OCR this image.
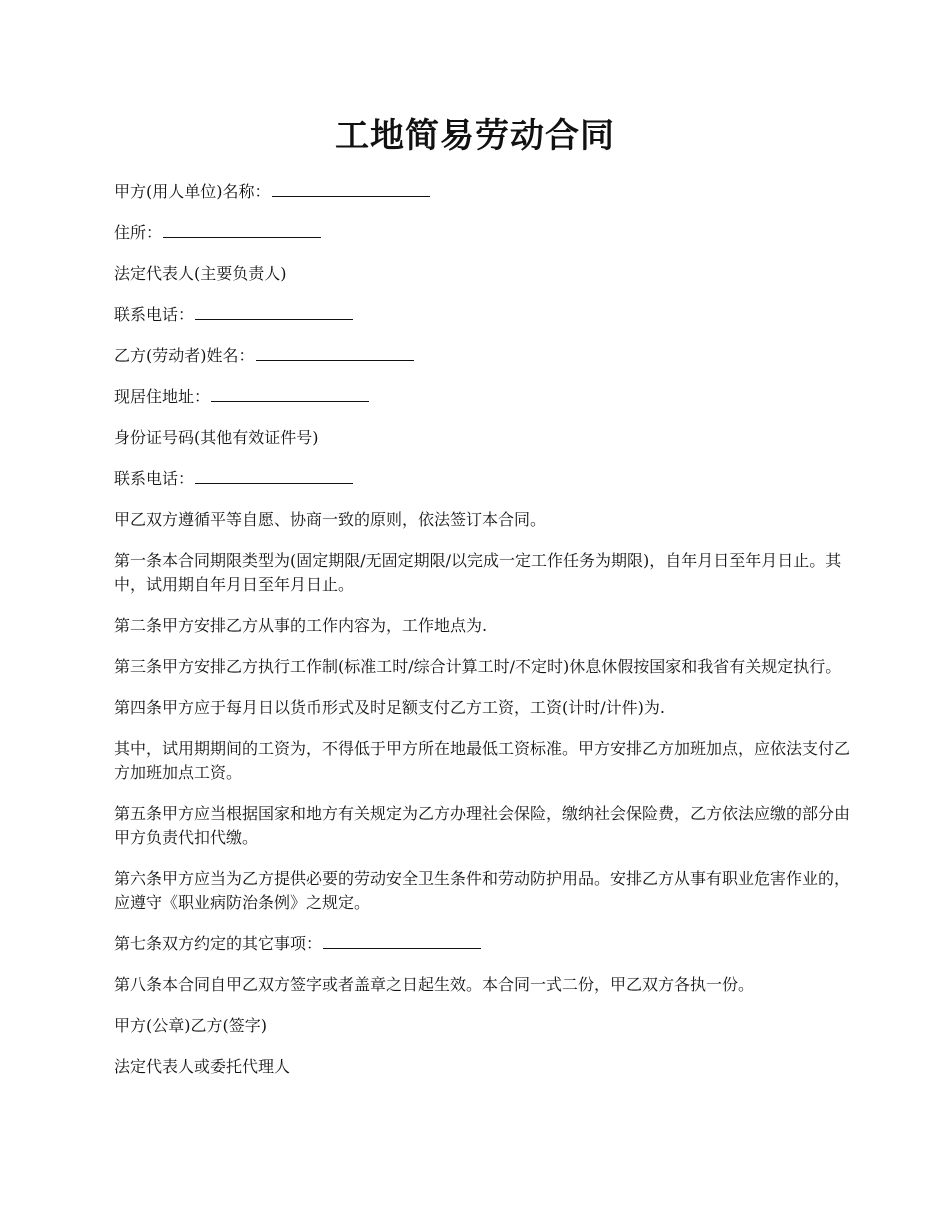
工地简易劳动合同

甲方(用人单位)名称：

住所：

法定代表人(主要负责人)

联系电话：

乙方(劳动者)姓名：

现居住地址：

身份证号码(其他有效证件号)

联系电话：

甲乙双方遵循平等自愿、协商一致的原则，依法签订本合同。

第一条本合同期限类型为(固定期限/无固定期限/以完成一定工作任务为期限)，自年月日至年月日止。其中，试用期自年月日至年月日止。

第二条甲方安排乙方从事的工作内容为，工作地点为.

第三条甲方安排乙方执行工作制(标准工时/综合计算工时/不定时)休息休假按国家和我省有关规定执行。

第四条甲方应于每月日以货币形式及时足额支付乙方工资，工资(计时/计件)为.

其中，试用期期间的工资为，不得低于甲方所在地最低工资标准。甲方安排乙方加班加点，应依法支付乙方加班加点工资。

第五条甲方应当根据国家和地方有关规定为乙方办理社会保险，缴纳社会保险费，乙方依法应缴的部分由甲方负责代扣代缴。

第六条甲方应当为乙方提供必要的劳动安全卫生条件和劳动防护用品。安排乙方从事有职业危害作业的，应遵守《职业病防治条例》之规定。

第七条双方约定的其它事项：

第八条本合同自甲乙双方签字或者盖章之日起生效。本合同一式二份，甲乙双方各执一份。

甲方(公章)乙方(签字)

法定代表人或委托代理人
